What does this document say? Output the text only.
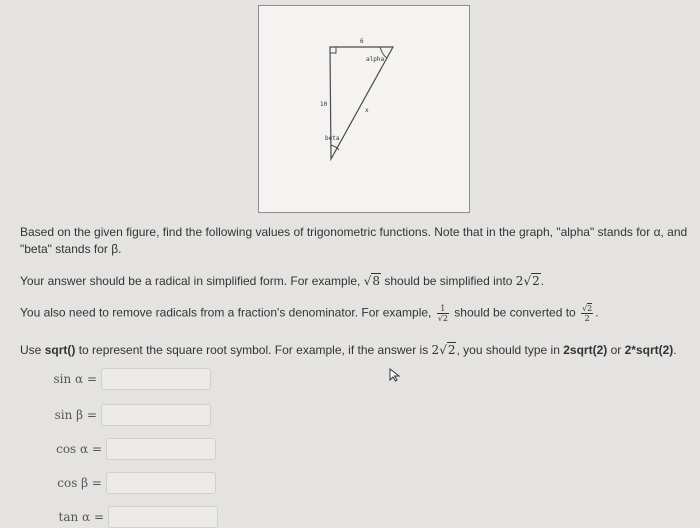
6
10
x
alpha
beta
Based on the given figure, find the following values of trigonometric functions. Note that in the graph, "alpha" stands for α, and "beta" stands for β.
Your answer should be a radical in simplified form. For example, √8 should be simplified into 2√2.
You also need to remove radicals from a fraction's denominator. For example, $\frac{1}{√2}$ should be converted to $\frac{√2}{2}$ .
Use sqrt() to represent the square root symbol. For example, if the answer is 2√2, you should type in 2sqrt(2) or 2*sqrt(2).
sin α =
sin β =
cos α =
cos β =
tan α =
